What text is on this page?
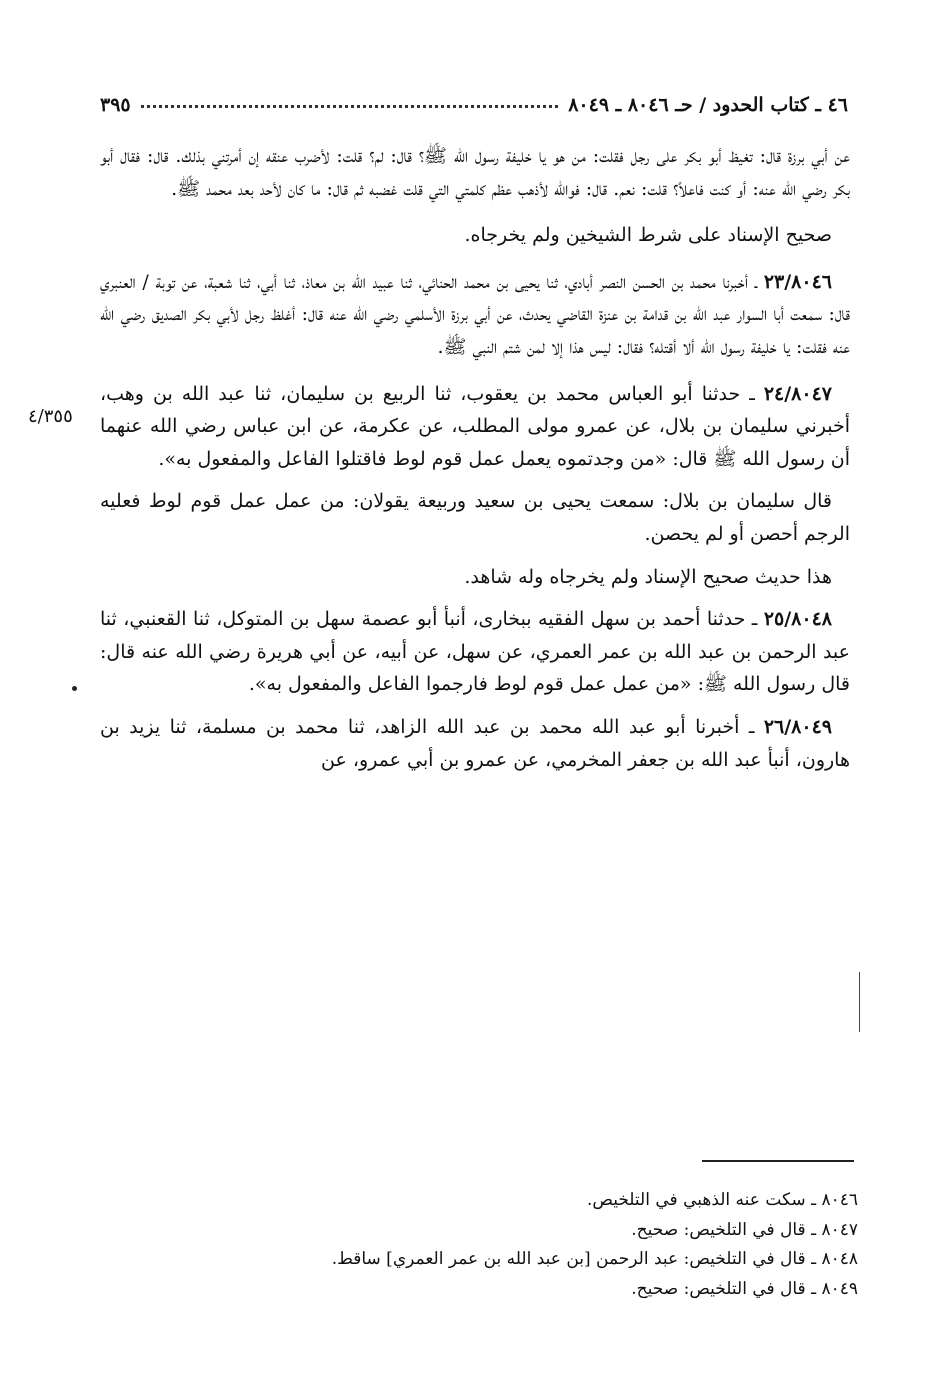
٤٦ ـ كتاب الحدود / حـ ٨٠٤٦ ـ ٨٠٤٩
٣٩٥
٤/٣٥٥

عن أبي برزة قال: تغيظ أبو بكر على رجل فقلت: من هو يا خليفة رسول الله ﷺ؟ قال: لم؟ قلت: لأضرب عنقه إن أمرتني بذلك. قال: فقال أبو بكر رضي الله عنه: أو كنت فاعلاً؟ قلت: نعم. قال: فوالله لأذهب عظم كلمتي التي قلت غضبه ثم قال: ما كان لأحد بعد محمد ﷺ.

صحيح الإسناد على شرط الشيخين ولم يخرجاه.

٢٣/٨٠٤٦ ـ أخبرنا محمد بن الحسن النصر أبادي، ثنا يحيى بن محمد الحنائي، ثنا عبيد الله بن معاذ، ثنا أبي، ثنا شعبة، عن توبة / العنبري قال: سمعت أبا السوار عبد الله بن قدامة بن عنزة القاضي يحدث، عن أبي برزة الأسلمي رضي الله عنه قال: أغلظ رجل لأبي بكر الصديق رضي الله عنه فقلت: يا خليفة رسول الله ألا أقتله؟ فقال: ليس هذا إلا لمن شتم النبي ﷺ.

٢٤/٨٠٤٧ ـ حدثنا أبو العباس محمد بن يعقوب، ثنا الربيع بن سليمان، ثنا عبد الله بن وهب، أخبرني سليمان بن بلال، عن عمرو مولى المطلب، عن عكرمة، عن ابن عباس رضي الله عنهما أن رسول الله ﷺ قال: «من وجدتموه يعمل عمل قوم لوط فاقتلوا الفاعل والمفعول به».

قال سليمان بن بلال: سمعت يحيى بن سعيد وربيعة يقولان: من عمل عمل قوم لوط فعليه الرجم أحصن أو لم يحصن.

هذا حديث صحيح الإسناد ولم يخرجاه وله شاهد.

٢٥/٨٠٤٨ ـ حدثنا أحمد بن سهل الفقيه ببخارى، أنبأ أبو عصمة سهل بن المتوكل، ثنا القعنبي، ثنا عبد الرحمن بن عبد الله بن عمر العمري، عن سهل، عن أبيه، عن أبي هريرة رضي الله عنه قال: قال رسول الله ﷺ: «من عمل عمل قوم لوط فارجموا الفاعل والمفعول به».

٢٦/٨٠٤٩ ـ أخبرنا أبو عبد الله محمد بن عبد الله الزاهد، ثنا محمد بن مسلمة، ثنا يزيد بن هارون، أنبأ عبد الله بن جعفر المخرمي، عن عمرو بن أبي عمرو، عن

٨٠٤٦ ـ سكت عنه الذهبي في التلخيص.

٨٠٤٧ ـ قال في التلخيص: صحيح.

٨٠٤٨ ـ قال في التلخيص: عبد الرحمن [بن عبد الله بن عمر العمري] ساقط.

٨٠٤٩ ـ قال في التلخيص: صحيح.
